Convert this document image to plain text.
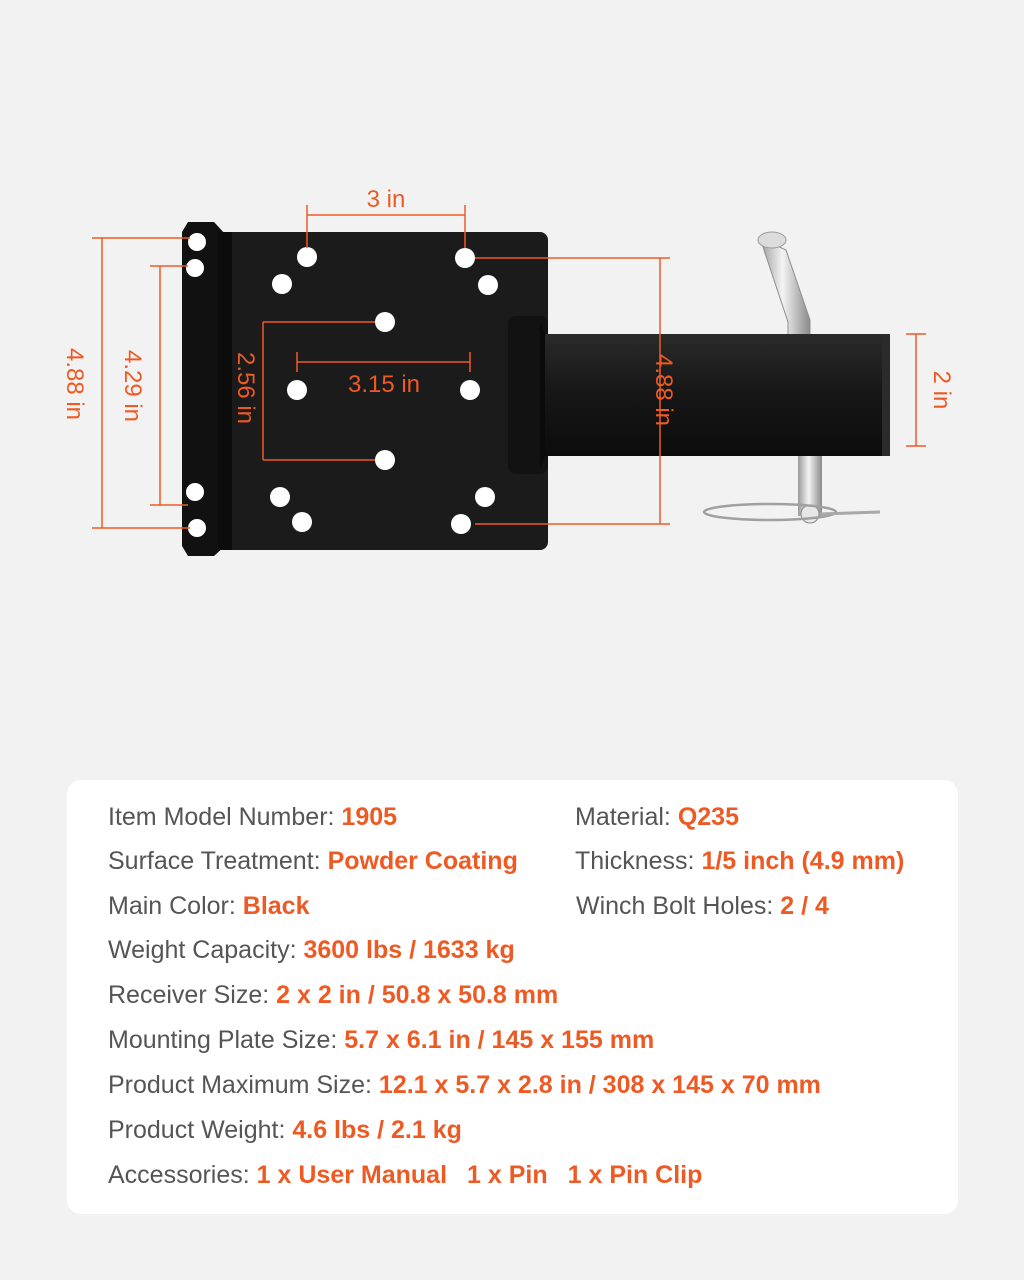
3 in
3.15 in
2.56 in
4.88 in 4.29 in	4.88 in	2 in
Item Model Number: 1905	Material: Q235
Surface Treatment: Powder Coating Thickness: 1/5 inch (4.9 mm)
Main Color: Black	Winch Bolt Holes: 2 / 4
Weight Capacity: 3600 lbs / 1633 kg
Receiver Size: 2 x 2 in / 50.8 x 50.8 mm
Mounting Plate Size: 5.7 x 6.1 in / 145 x 155 mm
Product Maximum Size: 12.1 x 5.7 x 2.8 in / 308 x 145 x 70 mm
Product Weight: 4.6 lbs / 2.1 kg
Accessories: 1 x User Manual 1 x Pin 1 x Pin Clip
